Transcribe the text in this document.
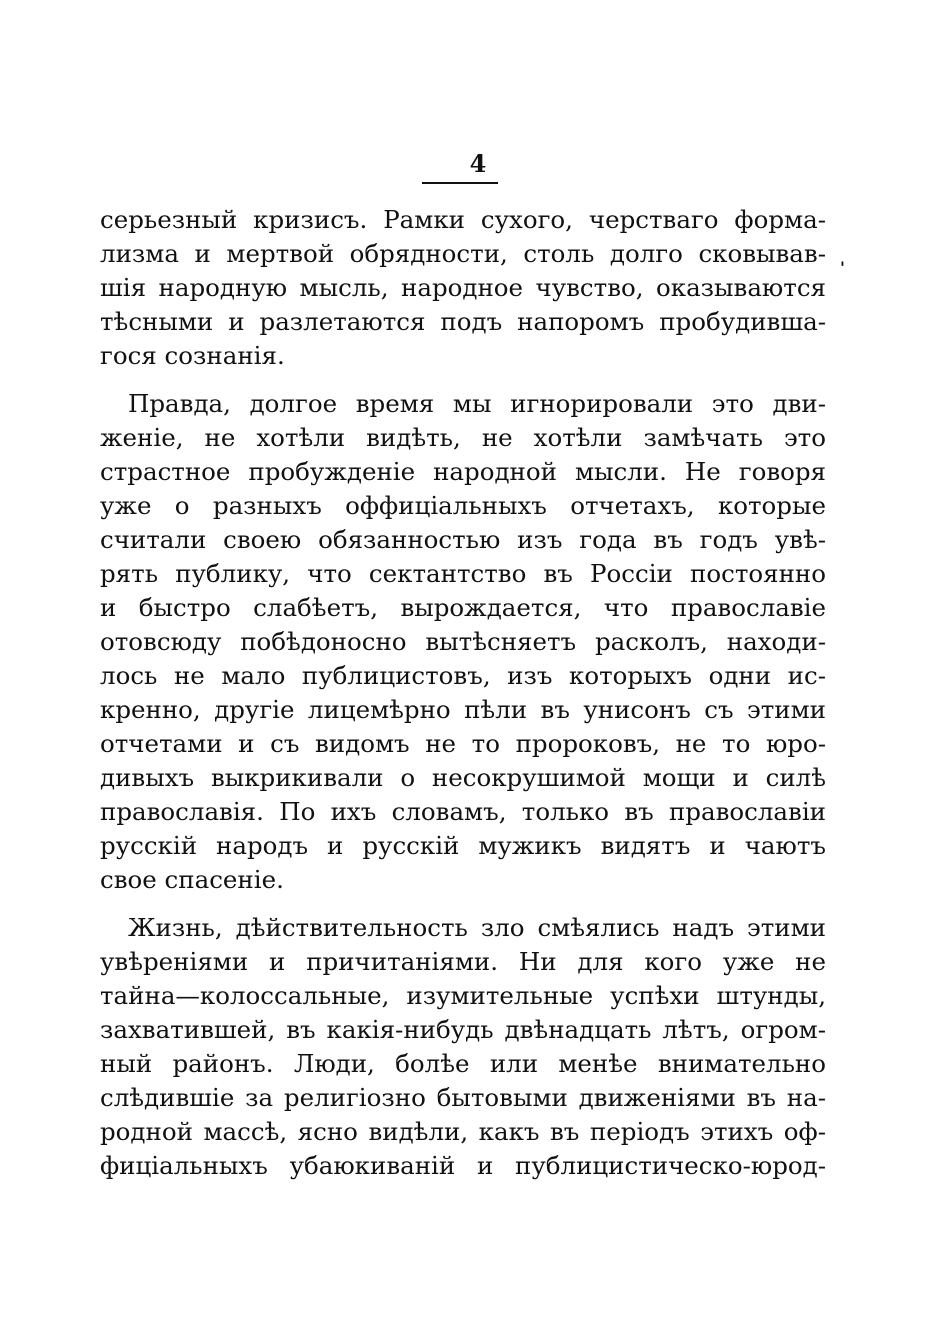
4
'
серьезный кризисъ. Рамки сухого, черстваго форма-
лизма и мертвой обрядности, столь долго сковывав-
шія народную мысль, народное чувство, оказываются
тѣсными и разлетаются подъ напоромъ пробудившa-
гося сознанія.
Правда, долгое время мы игнорировали это дви-
женіе, не хотѣли видѣть, не хотѣли замѣчать это
страстное пробужденіе народной мысли. Не говоря
уже о разныхъ оффиціальныхъ отчетахъ, которые
считали своею обязанностью изъ года въ годъ увѣ-
рять публику, что сектантство въ Россіи постоянно
и быстро слабѣетъ, вырождается, что православіе
отовсюду побѣдоносно вытѣсняетъ расколъ, находи-
лось не мало публицистовъ, изъ которыхъ одни ис-
кренно, другіе лицемѣрно пѣли въ унисонъ съ этими
отчетами и съ видомъ не то пророковъ, не то юро-
дивыхъ выкрикивали о несокрушимой мощи и силѣ
православія. По ихъ словамъ, только въ православіи
русскій народъ и русскій мужикъ видятъ и чаютъ
свое спасеніе.
Жизнь, дѣйствительность зло смѣялись надъ этими
увѣреніями и причитаніями. Ни для кого уже не
тайна—колоссальные, изумительные успѣхи штунды,
захватившей, въ какія-нибудь двѣнадцать лѣтъ, огром-
ный районъ. Люди, болѣе или менѣе внимательно
слѣдившіе за религіозно бытовыми движеніями въ на-
родной массѣ, ясно видѣли, какъ въ періодъ этихъ оф-
фиціальныхъ убаюкиваній и публицистическо-юрод-
